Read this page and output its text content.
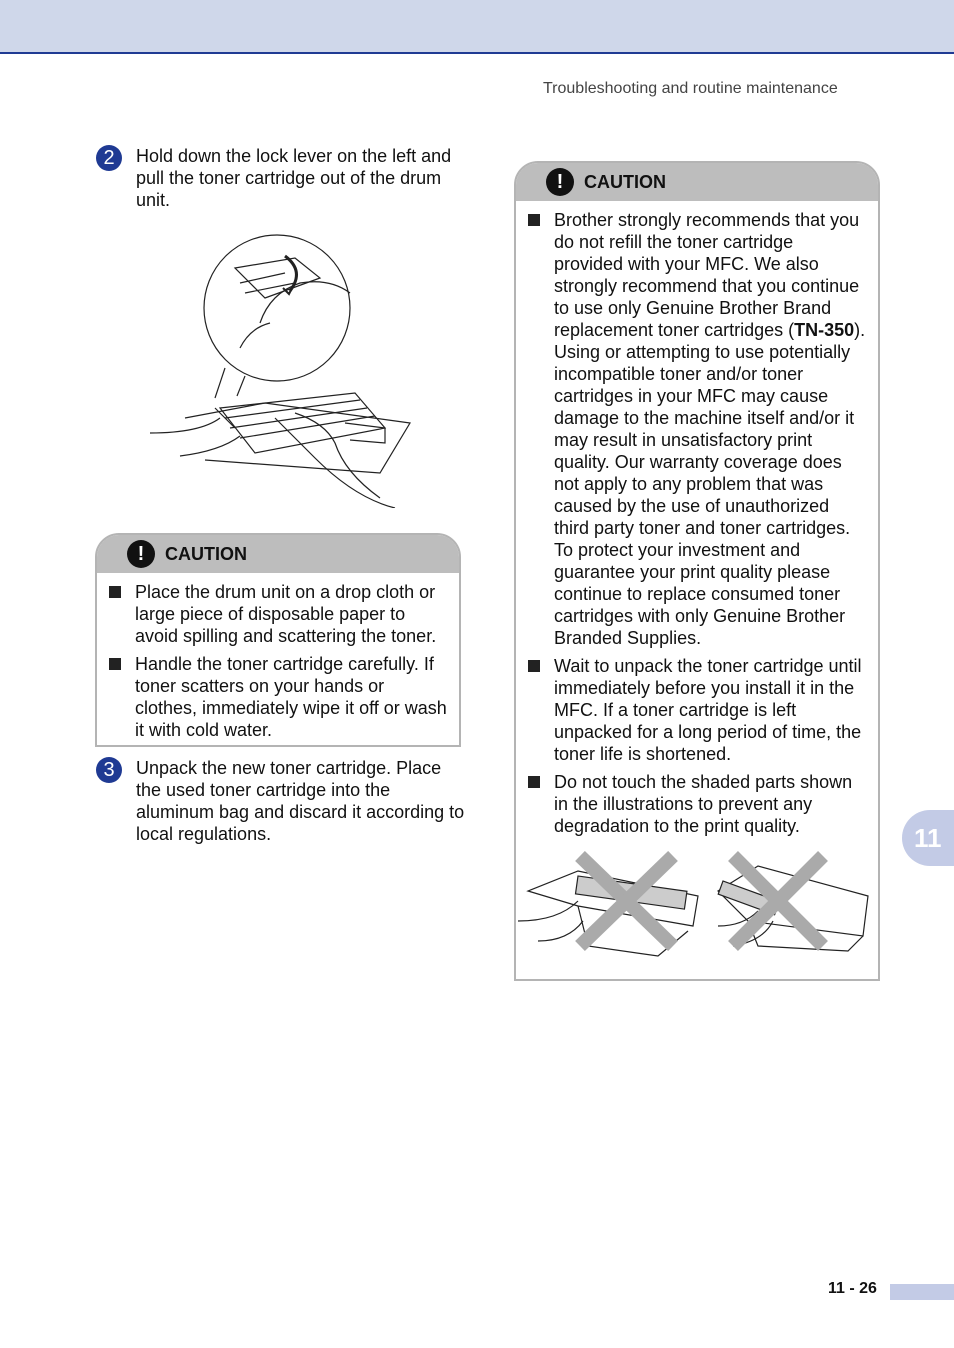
Troubleshooting and routine maintenance
2	Hold down the lock lever on the left and pull the toner cartridge out of the drum unit.
!	CAUTION
Place the drum unit on a drop cloth or large piece of disposable paper to avoid spilling and scattering the toner.
Handle the toner cartridge carefully. If toner scatters on your hands or clothes, immediately wipe it off or wash it with cold water.
3	Unpack the new toner cartridge. Place the used toner cartridge into the aluminum bag and discard it according to local regulations.
!	CAUTION
Brother strongly recommends that you do not refill the toner cartridge provided with your MFC. We also strongly recommend that you continue to use only Genuine Brother Brand replacement toner cartridges (TN-350). Using or attempting to use potentially incompatible toner and/or toner cartridges in your MFC may cause damage to the machine itself and/or it may result in unsatisfactory print quality. Our warranty coverage does not apply to any problem that was caused by the use of unauthorized third party toner and toner cartridges. To protect your investment and guarantee your print quality please continue to replace consumed toner cartridges with only Genuine Brother Branded Supplies.
Wait to unpack the toner cartridge until immediately before you install it in the MFC. If a toner cartridge is left unpacked for a long period of time, the toner life is shortened.
Do not touch the shaded parts shown in the illustrations to prevent any degradation to the print quality.	11
11 - 26
